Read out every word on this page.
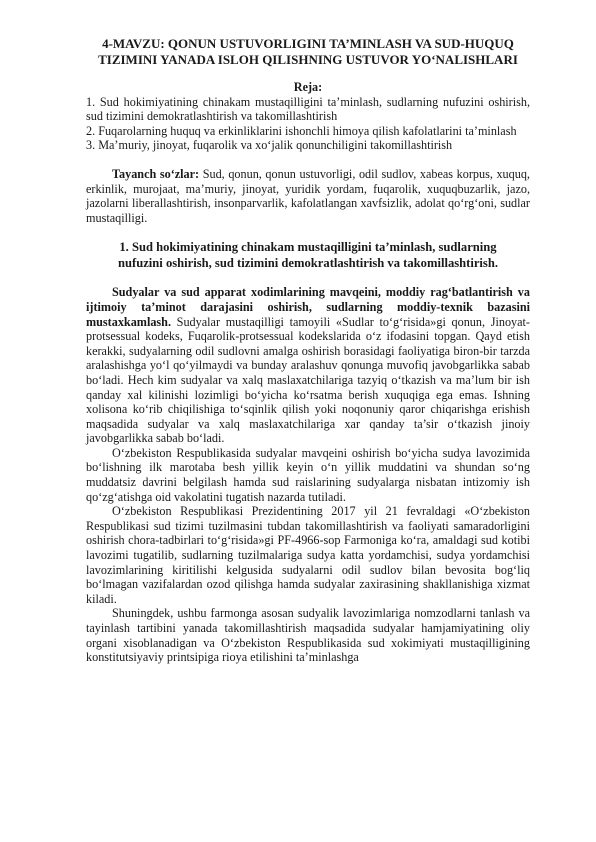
4-MAVZU: QONUN USTUVORLIGINI TA’MINLASH VA SUD-HUQUQ TIZIMINI YANADA ISLOH QILISHNING USTUVOR YO‘NALISHLARI

Reja:

1. Sud hokimiyatining chinakam mustaqilligini ta’minlash, sudlarning nufuzini oshirish, sud tizimini demokratlashtirish va takomillashtirish

2. Fuqarolarning huquq va erkinliklarini ishonchli himoya qilish kafolatlarini ta’minlash

3. Ma’muriy, jinoyat, fuqarolik va xo‘jalik qonunchiligini takomillashtirish

Tayanch so‘zlar: Sud, qonun, qonun ustuvorligi, odil sudlov, xabeas korpus, xuquq, erkinlik, murojaat, ma’muriy, jinoyat, yuridik yordam, fuqarolik, xuquqbuzarlik, jazo, jazolarni liberallashtirish, insonparvarlik, kafolatlangan xavfsizlik, adolat qo‘rg‘oni, sudlar mustaqilligi.

1. Sud hokimiyatining chinakam mustaqilligini ta’minlash, sudlarning nufuzini oshirish, sud tizimini demokratlashtirish va takomillashtirish.

Sudyalar va sud apparat xodimlarining mavqeini, moddiy rag‘batlantirish va ijtimoiy ta’minot darajasini oshirish, sudlarning moddiy-texnik bazasini mustaxkamlash. Sudyalar mustaqilligi tamoyili «Sudlar to‘g‘risida»gi qonun, Jinoyat-protsessual kodeks, Fuqarolik-protsessual kodekslarida o‘z ifodasini topgan. Qayd etish kerakki, sudyalarning odil sudlovni amalga oshirish borasidagi faoliyatiga biron-bir tarzda aralashishga yo‘l qo‘yilmaydi va bunday aralashuv qonunga muvofiq javobgarlikka sabab bo‘ladi. Hech kim sudyalar va xalq maslaxatchilariga tazyiq o‘tkazish va ma’lum bir ish qanday xal kilinishi lozimligi bo‘yicha ko‘rsatma berish xuquqiga ega emas. Ishning xolisona ko‘rib chiqilishiga to‘sqinlik qilish yoki noqonuniy qaror chiqarishga erishish maqsadida sudyalar va xalq maslaxatchilariga xar qanday ta’sir o‘tkazish jinoiy javobgarlikka sabab bo‘ladi.

O‘zbekiston Respublikasida sudyalar mavqeini oshirish bo‘yicha sudya lavozimida bo‘lishning ilk marotaba besh yillik keyin o‘n yillik muddatini va shundan so‘ng muddatsiz davrini belgilash hamda sud raislarining sudyalarga nisbatan intizomiy ish qo‘zg‘atishga oid vakolatini tugatish nazarda tutiladi.

O‘zbekiston Respublikasi Prezidentining 2017 yil 21 fevraldagi «O‘zbekiston Respublikasi sud tizimi tuzilmasini tubdan takomillashtirish va faoliyati samaradorligini oshirish chora-tadbirlari to‘g‘risida»gi PF-4966-sop Farmoniga ko‘ra, amaldagi sud kotibi lavozimi tugatilib, sudlarning tuzilmalariga sudya katta yordamchisi, sudya yordamchisi lavozimlarining kiritilishi kelgusida sudyalarni odil sudlov bilan bevosita bog‘liq bo‘lmagan vazifalardan ozod qilishga hamda sudyalar zaxirasining shakllanishiga xizmat kiladi.

Shuningdek, ushbu farmonga asosan sudyalik lavozimlariga nomzodlarni tanlash va tayinlash tartibini yanada takomillashtirish maqsadida sudyalar hamjamiyatining oliy organi xisoblanadigan va O‘zbekiston Respublikasida sud xokimiyati mustaqilligining konstitutsiyaviy printsipiga rioya etilishini ta’minlashga
